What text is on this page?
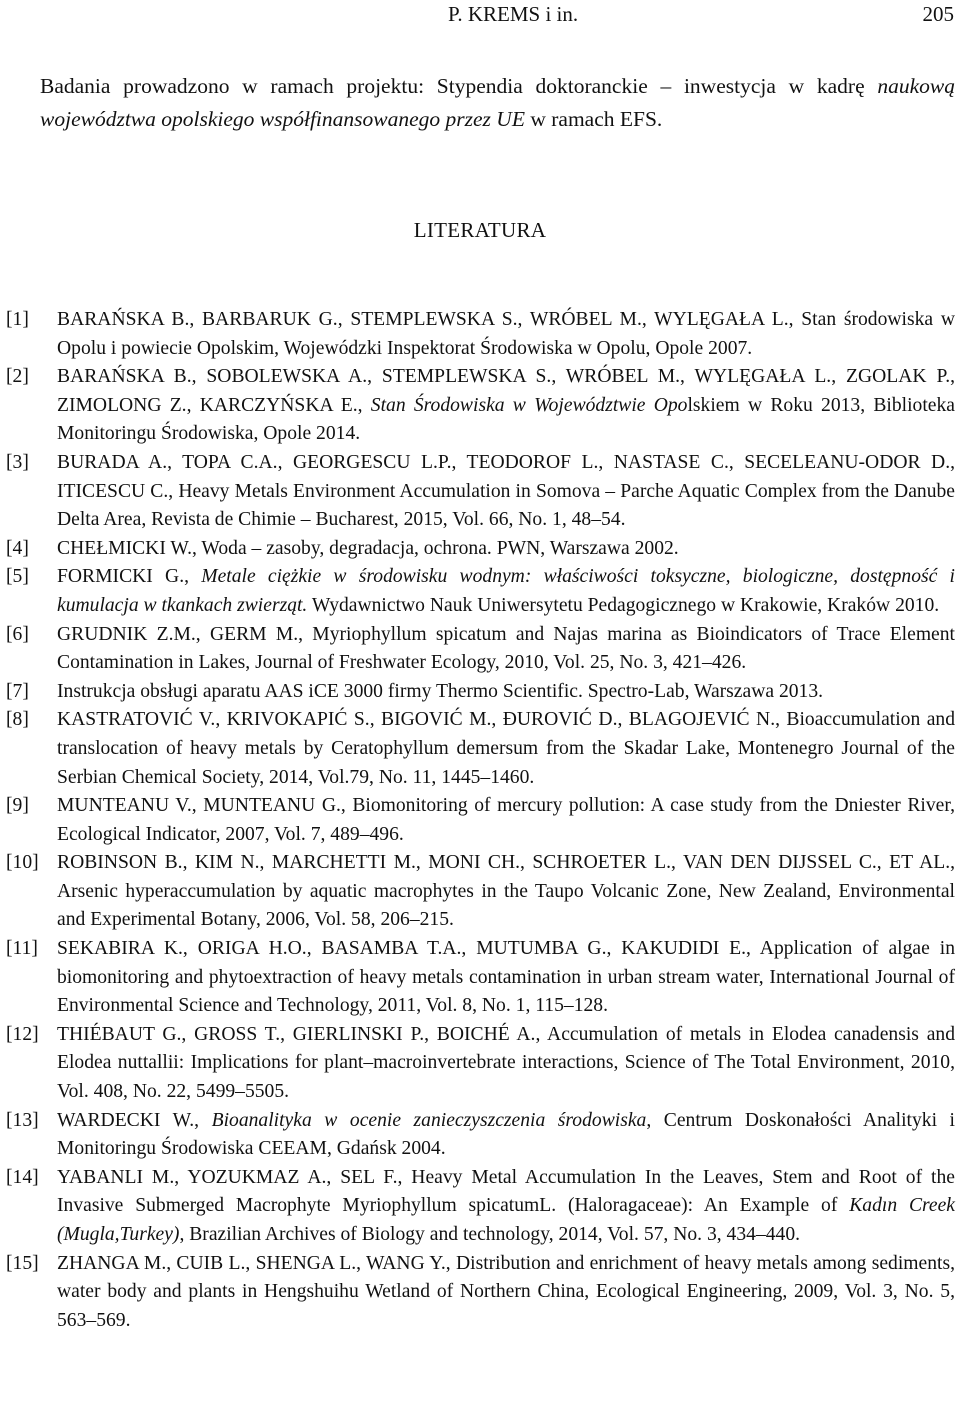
P. KREMS i in.	205

Badania prowadzono w ramach projektu: Stypendia doktoranckie – inwestycja w kadrę naukową województwa opolskiego współfinansowanego przez UE w ramach EFS.

LITERATURA
[1] BARAŃSKA B., BARBARUK G., STEMPLEWSKA S., WRÓBEL M., WYLĘGAŁA L., Stan środowiska w Opolu i powiecie Opolskim, Wojewódzki Inspektorat Środowiska w Opolu, Opole 2007.
[2] BARAŃSKA B., SOBOLEWSKA A., STEMPLEWSKA S., WRÓBEL M., WYLĘGAŁA L., ZGOLAK P., ZIMOLONG Z., KARCZYŃSKA E., Stan Środowiska w Województwie Opolskiem w Roku 2013, Biblioteka Monitoringu Środowiska, Opole 2014.
[3] BURADA A., TOPA C.A., GEORGESCU L.P., TEODOROF L., NASTASE C., SECELEANU-ODOR D., ITICESCU C., Heavy Metals Environment Accumulation in Somova – Parche Aquatic Complex from the Danube Delta Area, Revista de Chimie – Bucharest, 2015, Vol. 66, No. 1, 48–54.
[4] CHEŁMICKI W., Woda – zasoby, degradacja, ochrona. PWN, Warszawa 2002.
[5] FORMICKI G., Metale ciężkie w środowisku wodnym: właściwości toksyczne, biologiczne, dostępność i kumulacja w tkankach zwierząt. Wydawnictwo Nauk Uniwersytetu Pedagogicznego w Krakowie, Kraków 2010.
[6] GRUDNIK Z.M., GERM M., Myriophyllum spicatum and Najas marina as Bioindicators of Trace Element Contamination in Lakes, Journal of Freshwater Ecology, 2010, Vol. 25, No. 3, 421–426.
[7] Instrukcja obsługi aparatu AAS iCE 3000 firmy Thermo Scientific. Spectro-Lab, Warszawa 2013.
[8] KASTRATOVIĆ V., KRIVOKAPIĆ S., BIGOVIĆ M., ĐUROVIĆ D., BLAGOJEVIĆ N., Bioaccumulation and translocation of heavy metals by Ceratophyllum demersum from the Skadar Lake, Montenegro Journal of the Serbian Chemical Society, 2014, Vol.79, No. 11, 1445–1460.
[9] MUNTEANU V., MUNTEANU G., Biomonitoring of mercury pollution: A case study from the Dniester River, Ecological Indicator, 2007, Vol. 7, 489–496.
[10] ROBINSON B., KIM N., MARCHETTI M., MONI CH., SCHROETER L., VAN DEN DIJSSEL C., ET AL., Arsenic hyperaccumulation by aquatic macrophytes in the Taupo Volcanic Zone, New Zealand, Environmental and Experimental Botany, 2006, Vol. 58, 206–215.
[11] SEKABIRA K., ORIGA H.O., BASAMBA T.A., MUTUMBA G., KAKUDIDI E., Application of algae in biomonitoring and phytoextraction of heavy metals contamination in urban stream water, International Journal of Environmental Science and Technology, 2011, Vol. 8, No. 1, 115–128.
[12] THIÉBAUT G., GROSS T., GIERLINSKI P., BOICHÉ A., Accumulation of metals in Elodea canadensis and Elodea nuttallii: Implications for plant–macroinvertebrate interactions, Science of The Total Environment, 2010, Vol. 408, No. 22, 5499–5505.
[13] WARDECKI W., Bioanalityka w ocenie zanieczyszczenia środowiska, Centrum Doskonałości Analityki i Monitoringu Środowiska CEEAM, Gdańsk 2004.
[14] YABANLI M., YOZUKMAZ A., SEL F., Heavy Metal Accumulation In the Leaves, Stem and Root of the Invasive Submerged Macrophyte Myriophyllum spicatumL. (Haloragaceae): An Example of Kadın Creek (Mugla,Turkey), Brazilian Archives of Biology and technology, 2014, Vol. 57, No. 3, 434–440.
[15] ZHANGA M., CUIB L., SHENGA L., WANG Y., Distribution and enrichment of heavy metals among sediments, water body and plants in Hengshuihu Wetland of Northern China, Ecological Engineering, 2009, Vol. 3, No. 5, 563–569.
